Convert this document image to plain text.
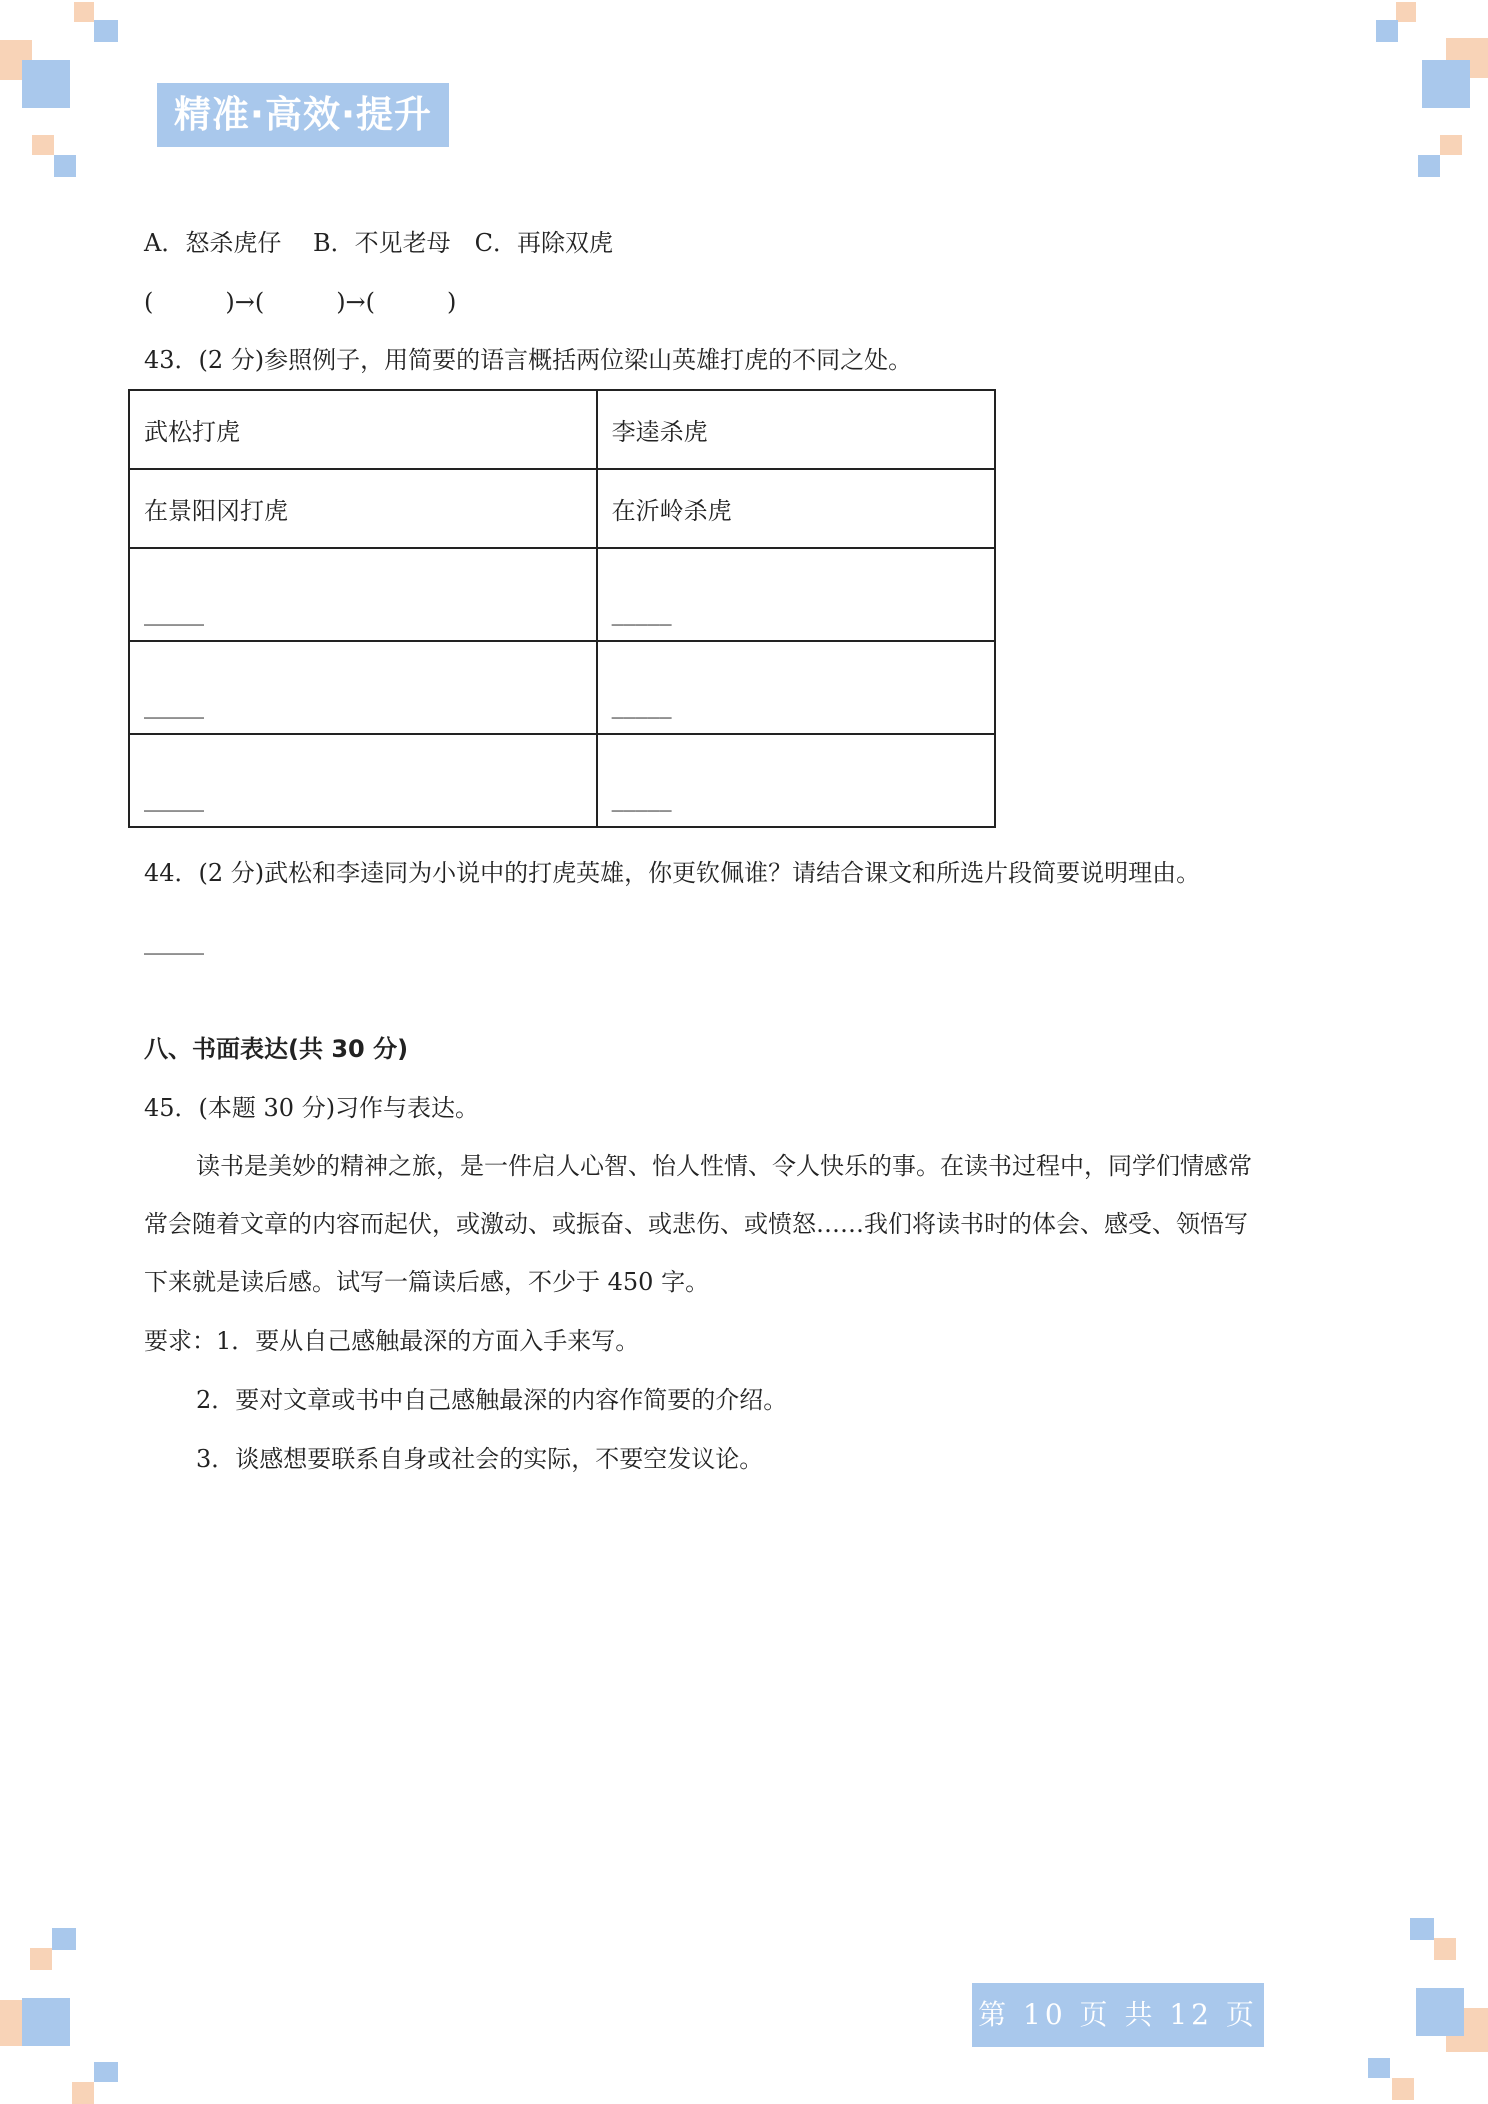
精准·高效·提升
A．怒杀虎仔　 B．不见老母　C．再除双虎
(　　　)→(　　　)→(　　　)
43．(2 分)参照例子，用简要的语言概括两位梁山英雄打虎的不同之处。
武松打虎	李逵杀虎
在景阳冈打虎	在沂岭杀虎
_____	_____
_____	_____
_____	_____
44．(2 分)武松和李逵同为小说中的打虎英雄，你更钦佩谁？请结合课文和所选片段简要说明理由。
_____
八、书面表达(共 30 分)
45．(本题 30 分)习作与表达。
读书是美妙的精神之旅，是一件启人心智、怡人性情、令人快乐的事。在读书过程中，同学们情感常
常会随着文章的内容而起伏，或激动、或振奋、或悲伤、或愤怒……我们将读书时的体会、感受、领悟写
下来就是读后感。试写一篇读后感，不少于 450 字。
要求：1．要从自己感触最深的方面入手来写。
2．要对文章或书中自己感触最深的内容作简要的介绍。
3．谈感想要联系自身或社会的实际，不要空发议论。
第 10 页 共 12 页
